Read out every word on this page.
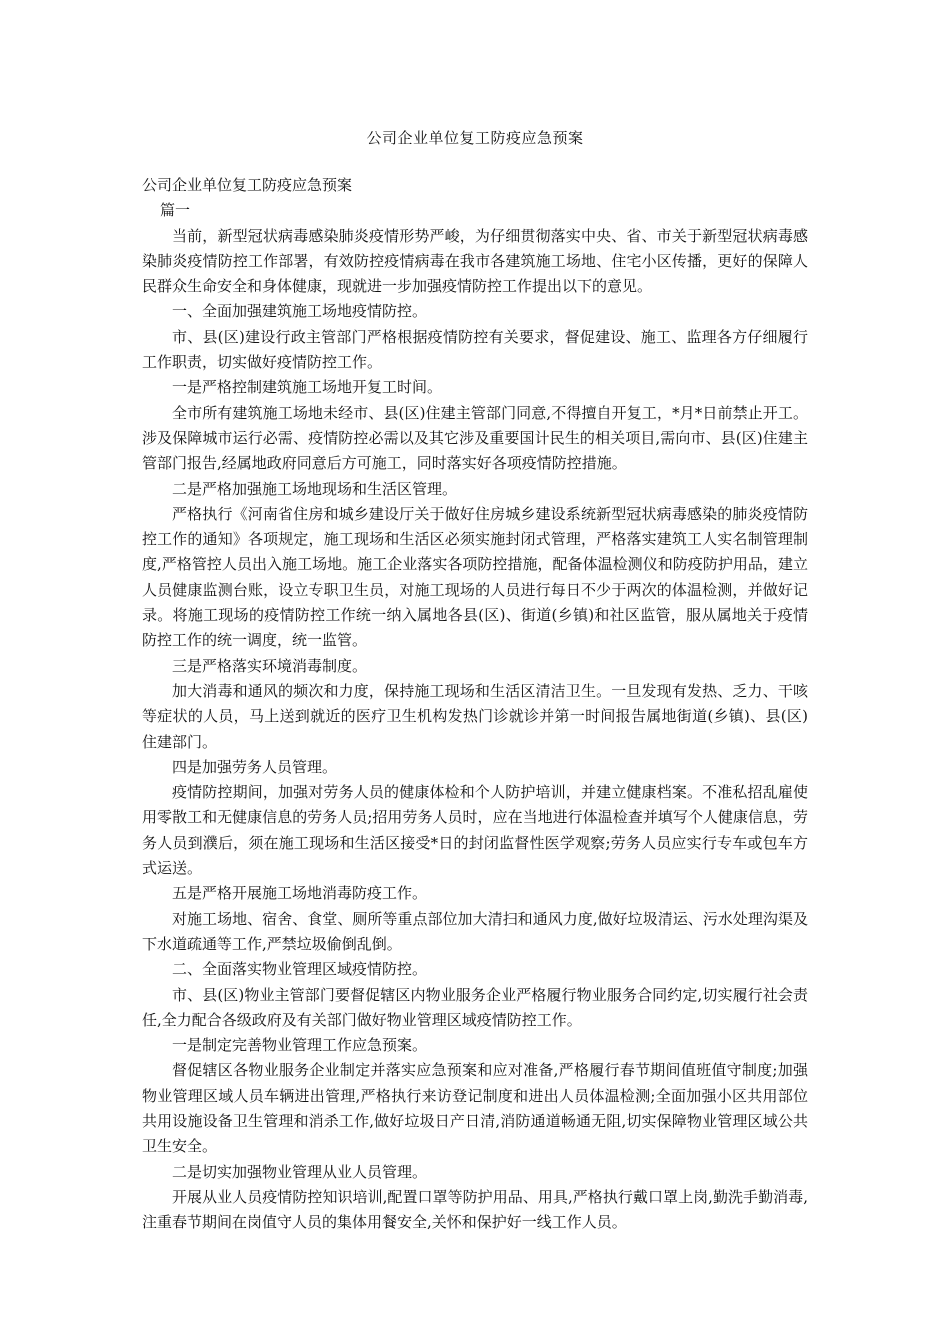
公司企业单位复工防疫应急预案

公司企业单位复工防疫应急预案

篇一

当前，新型冠状病毒感染肺炎疫情形势严峻，为仔细贯彻落实中央、省、市关于新型冠状病毒感染肺炎疫情防控工作部署，有效防控疫情病毒在我市各建筑施工场地、住宅小区传播，更好的保障人民群众生命安全和身体健康，现就进一步加强疫情防控工作提出以下的意见。

一、全面加强建筑施工场地疫情防控。

市、县(区)建设行政主管部门严格根据疫情防控有关要求，督促建设、施工、监理各方仔细履行工作职责，切实做好疫情防控工作。

一是严格控制建筑施工场地开复工时间。

全市所有建筑施工场地未经市、县(区)住建主管部门同意,不得擅自开复工，*月*日前禁止开工。涉及保障城市运行必需、疫情防控必需以及其它涉及重要国计民生的相关项目,需向市、县(区)住建主管部门报告,经属地政府同意后方可施工，同时落实好各项疫情防控措施。

二是严格加强施工场地现场和生活区管理。

严格执行《河南省住房和城乡建设厅关于做好住房城乡建设系统新型冠状病毒感染的肺炎疫情防控工作的通知》各项规定，施工现场和生活区必须实施封闭式管理，严格落实建筑工人实名制管理制度,严格管控人员出入施工场地。施工企业落实各项防控措施，配备体温检测仪和防疫防护用品，建立人员健康监测台账，设立专职卫生员，对施工现场的人员进行每日不少于两次的体温检测，并做好记录。将施工现场的疫情防控工作统一纳入属地各县(区)、街道(乡镇)和社区监管，服从属地关于疫情防控工作的统一调度，统一监管。

三是严格落实环境消毒制度。

加大消毒和通风的频次和力度，保持施工现场和生活区清洁卫生。一旦发现有发热、乏力、干咳等症状的人员，马上送到就近的医疗卫生机构发热门诊就诊并第一时间报告属地街道(乡镇)、县(区)住建部门。

四是加强劳务人员管理。

疫情防控期间，加强对劳务人员的健康体检和个人防护培训，并建立健康档案。不准私招乱雇使用零散工和无健康信息的劳务人员;招用劳务人员时，应在当地进行体温检查并填写个人健康信息，劳务人员到濮后，须在施工现场和生活区接受*日的封闭监督性医学观察;劳务人员应实行专车或包车方式运送。

五是严格开展施工场地消毒防疫工作。

对施工场地、宿舍、食堂、厕所等重点部位加大清扫和通风力度,做好垃圾清运、污水处理沟渠及下水道疏通等工作,严禁垃圾偷倒乱倒。

二、全面落实物业管理区域疫情防控。

市、县(区)物业主管部门要督促辖区内物业服务企业严格履行物业服务合同约定,切实履行社会责任,全力配合各级政府及有关部门做好物业管理区域疫情防控工作。

一是制定完善物业管理工作应急预案。

督促辖区各物业服务企业制定并落实应急预案和应对准备,严格履行春节期间值班值守制度;加强物业管理区域人员车辆进出管理,严格执行来访登记制度和进出人员体温检测;全面加强小区共用部位共用设施设备卫生管理和消杀工作,做好垃圾日产日清,消防通道畅通无阻,切实保障物业管理区域公共卫生安全。

二是切实加强物业管理从业人员管理。

开展从业人员疫情防控知识培训,配置口罩等防护用品、用具,严格执行戴口罩上岗,勤洗手勤消毒,注重春节期间在岗值守人员的集体用餐安全,关怀和保护好一线工作人员。
